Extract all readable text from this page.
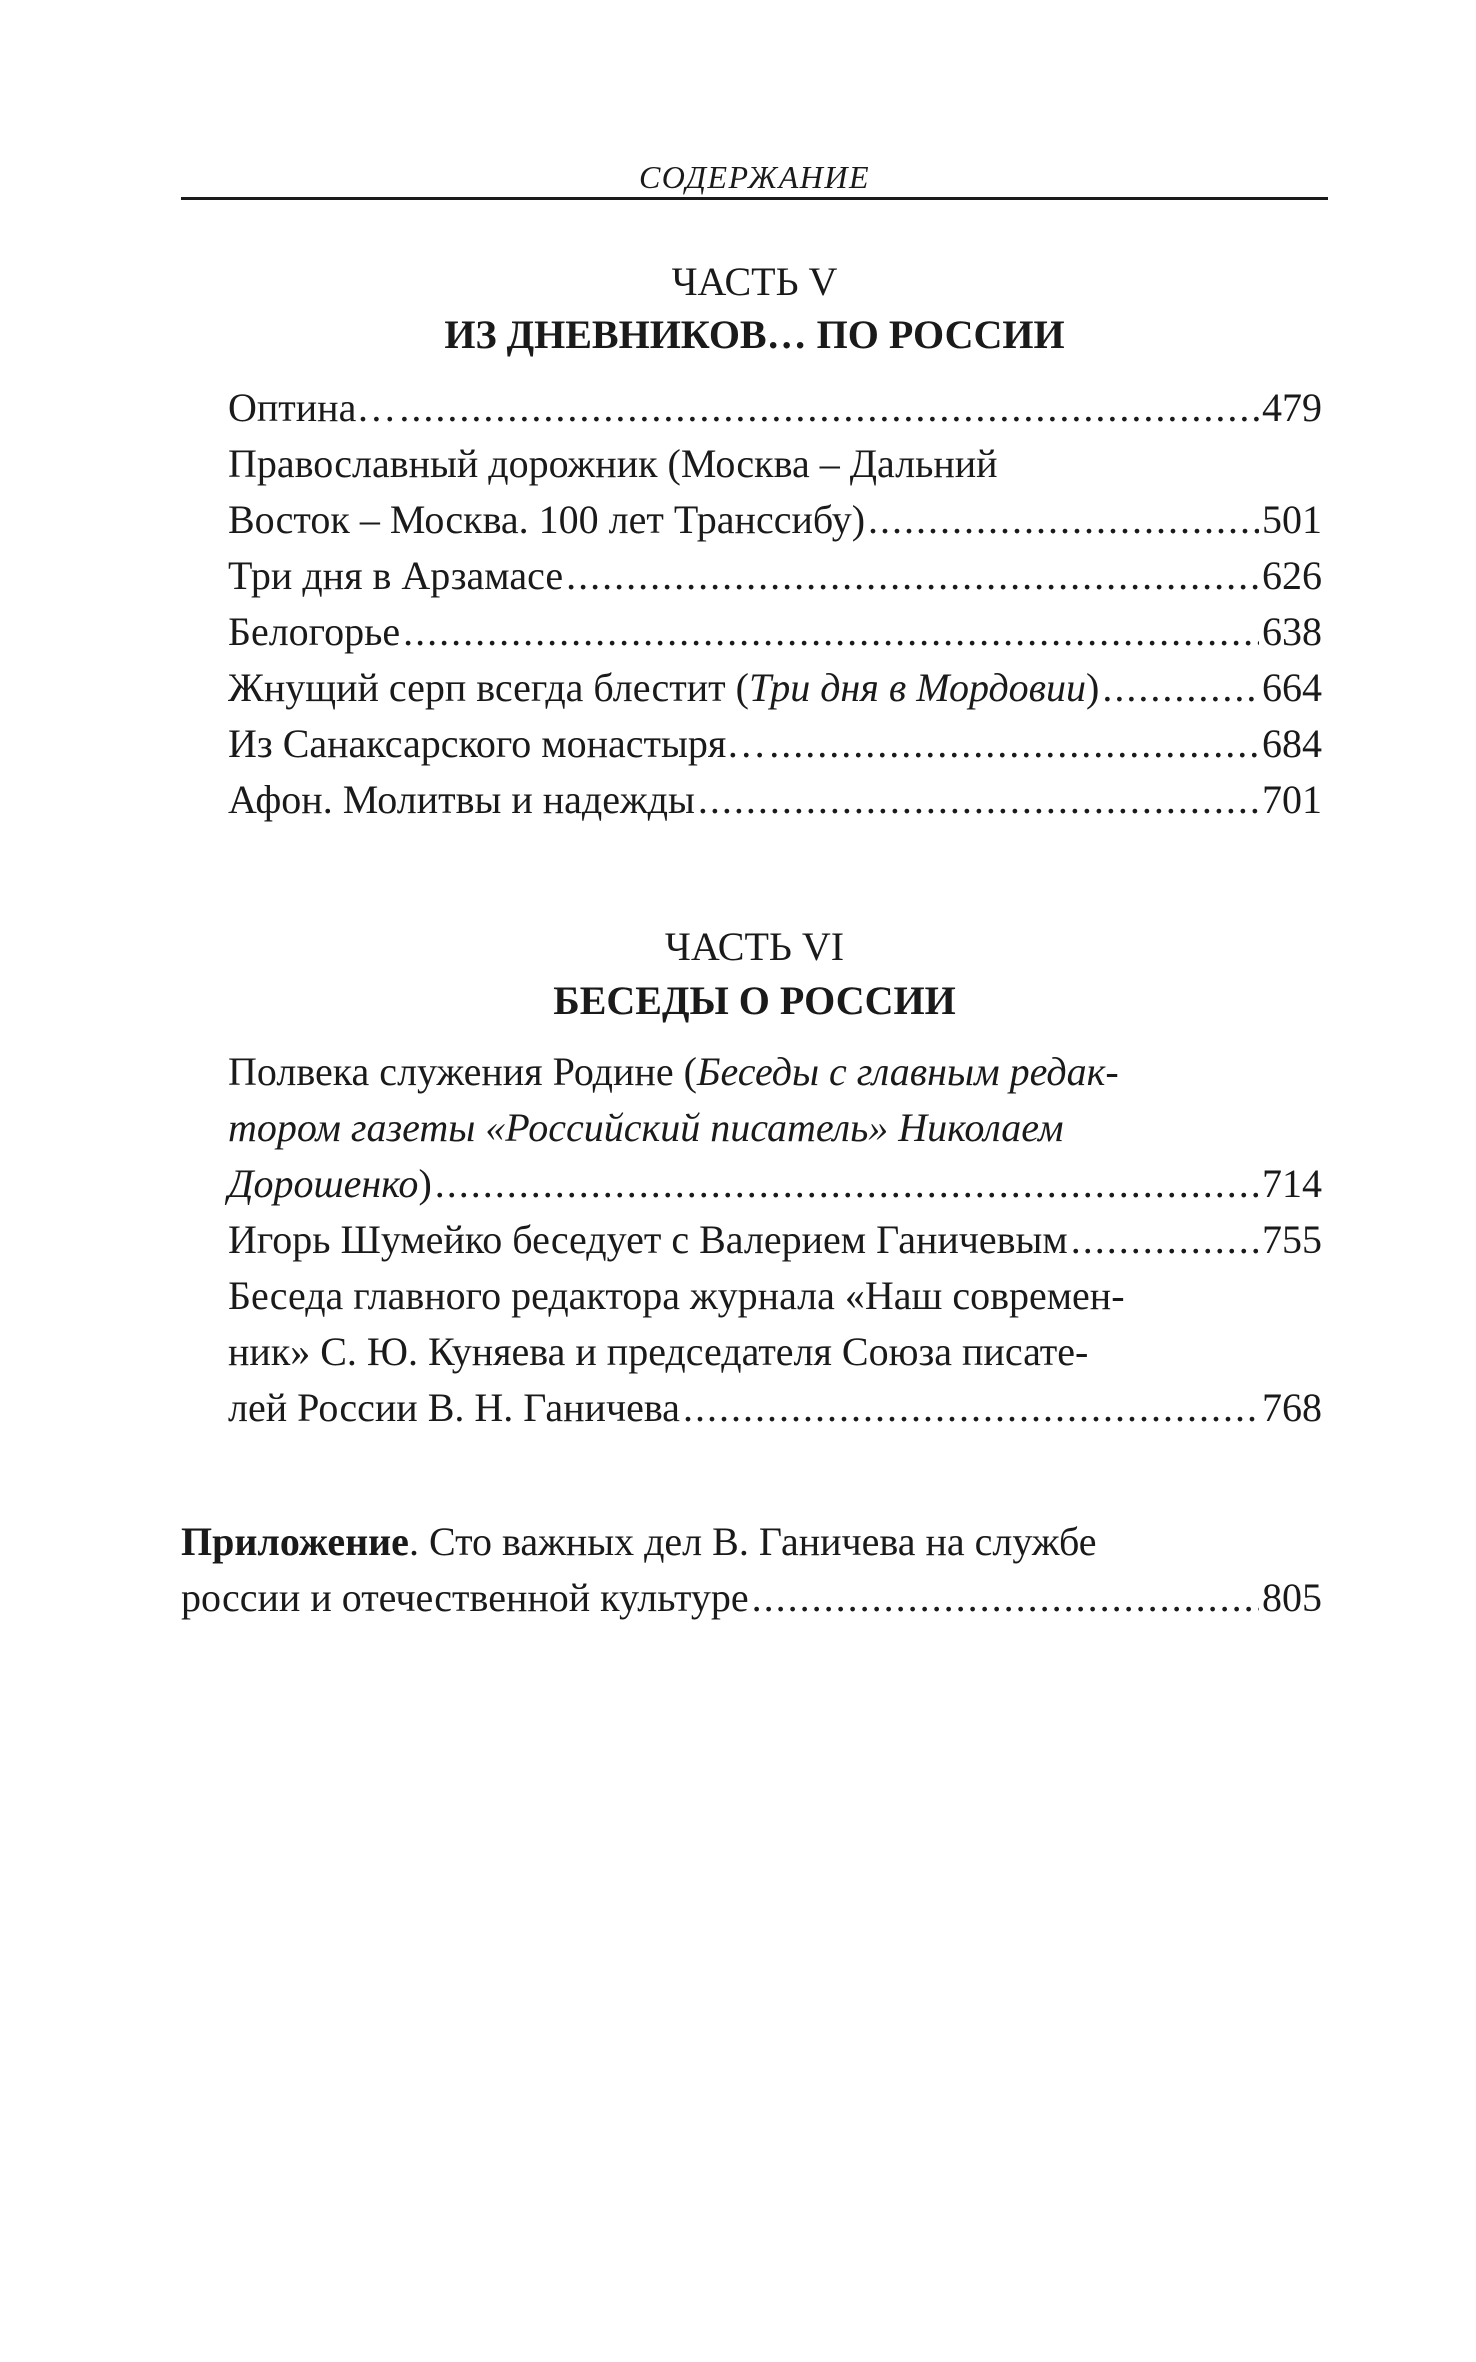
СОДЕРЖАНИЕ
ЧАСТЬ V
ИЗ ДНЕВНИКОВ… ПО РОССИИ
Оптина… .....	479
Православный дорожник (Москва – Дальний
Восток – Москва. 100 лет Транссибу) .....	501
Три дня в Арзамасе .....	626
Белогорье .....	638
Жнущий серп всегда блестит (Три дня в Мордовии) .....	664
Из Санаксарского монастыря… .....	684
Афон. Молитвы и надежды .....	701
ЧАСТЬ VI
БЕСЕДЫ О РОССИИ
Полвека служения Родине (Беседы с главным редак-
тором газеты «Российский писатель» Николаем
Дорошенко) .....	714
Игорь Шумейко беседует с Валерием Ганичевым .....	755
Беседа главного редактора журнала «Наш современ-
ник» С. Ю. Куняева и председателя Союза писате-
лей России В. Н. Ганичева .....	768
Приложение. Сто важных дел В. Ганичева на службе
россии и отечественной культуре .....	805
